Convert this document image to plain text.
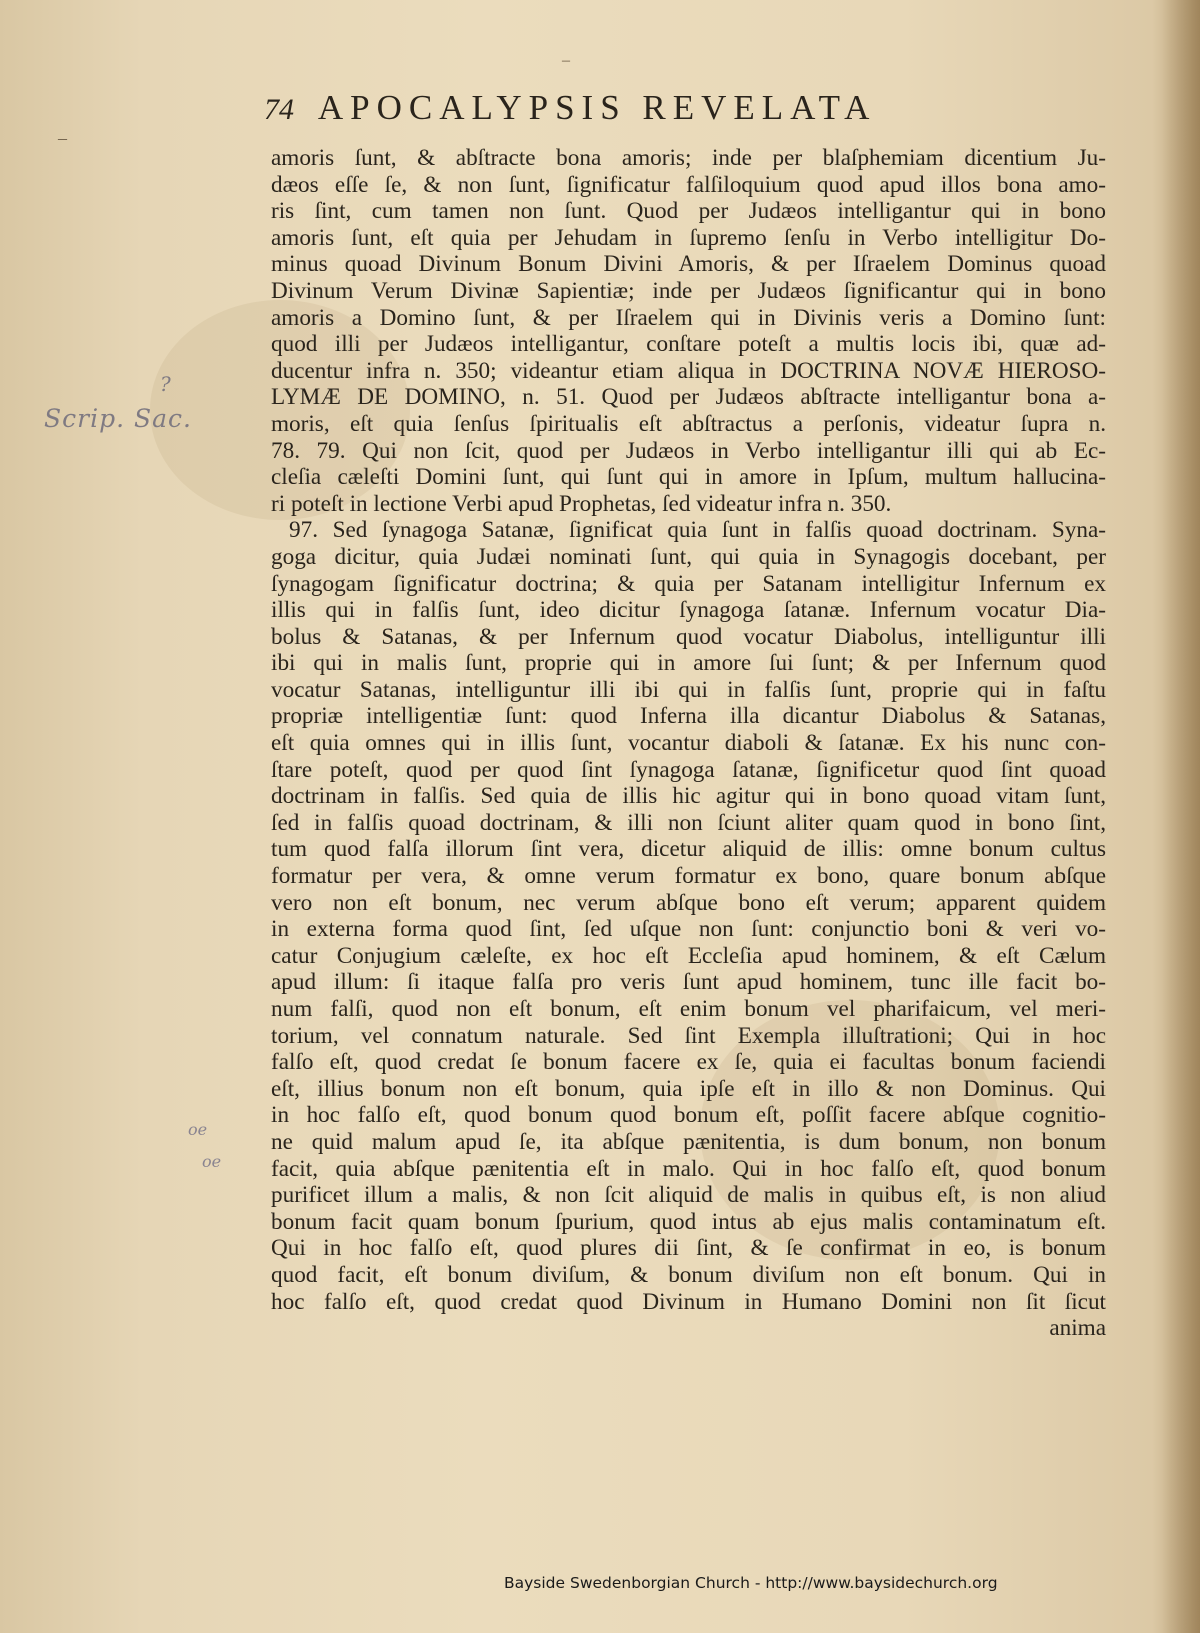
–
–
74 APOCALYPSIS REVELATA
amoris ſunt, & abſtracte bona amoris; inde per blaſphemiam dicentium Ju-
dæos eſſe ſe, & non ſunt, ſignificatur falſiloquium quod apud illos bona amo-
ris ſint, cum tamen non ſunt. Quod per Judæos intelligantur qui in bono
amoris ſunt, eſt quia per Jehudam in ſupremo ſenſu in Verbo intelligitur Do-
minus quoad Divinum Bonum Divini Amoris, & per Iſraelem Dominus quoad
Divinum Verum Divinæ Sapientiæ; inde per Judæos ſignificantur qui in bono
amoris a Domino ſunt, & per Iſraelem qui in Divinis veris a Domino ſunt:
quod illi per Judæos intelligantur, conſtare poteſt a multis locis ibi, quæ ad-
ducentur infra n. 350; videantur etiam aliqua in DOCTRINA NOVÆ HIEROSO-
LYMÆ DE DOMINO, n. 51. Quod per Judæos abſtracte intelligantur bona a-
moris, eſt quia ſenſus ſpiritualis eſt abſtractus a perſonis, videatur ſupra n.
78. 79. Qui non ſcit, quod per Judæos in Verbo intelligantur illi qui ab Ec-
cleſia cæleſti Domini ſunt, qui ſunt qui in amore in Ipſum, multum hallucina-
ri poteſt in lectione Verbi apud Prophetas, ſed videatur infra n. 350.
97. Sed ſynagoga Satanæ, ſignificat quia ſunt in falſis quoad doctrinam. Syna-
goga dicitur, quia Judæi nominati ſunt, qui quia in Synagogis docebant, per
ſynagogam ſignificatur doctrina; & quia per Satanam intelligitur Infernum ex
illis qui in falſis ſunt, ideo dicitur ſynagoga ſatanæ. Infernum vocatur Dia-
bolus & Satanas, & per Infernum quod vocatur Diabolus, intelliguntur illi
ibi qui in malis ſunt, proprie qui in amore ſui ſunt; & per Infernum quod
vocatur Satanas, intelliguntur illi ibi qui in falſis ſunt, proprie qui in faſtu
propriæ intelligentiæ ſunt: quod Inferna illa dicantur Diabolus & Satanas,
eſt quia omnes qui in illis ſunt, vocantur diaboli & ſatanæ. Ex his nunc con-
ſtare poteſt, quod per quod ſint ſynagoga ſatanæ, ſignificetur quod ſint quoad
doctrinam in falſis. Sed quia de illis hic agitur qui in bono quoad vitam ſunt,
ſed in falſis quoad doctrinam, & illi non ſciunt aliter quam quod in bono ſint,
tum quod falſa illorum ſint vera, dicetur aliquid de illis: omne bonum cultus
formatur per vera, & omne verum formatur ex bono, quare bonum abſque
vero non eſt bonum, nec verum abſque bono eſt verum; apparent quidem
in externa forma quod ſint, ſed uſque non ſunt: conjunctio boni & veri vo-
catur Conjugium cæleſte, ex hoc eſt Eccleſia apud hominem, & eſt Cælum
apud illum: ſi itaque falſa pro veris ſunt apud hominem, tunc ille facit bo-
num falſi, quod non eſt bonum, eſt enim bonum vel pharifaicum, vel meri-
torium, vel connatum naturale. Sed ſint Exempla illuſtrationi; Qui in hoc
falſo eſt, quod credat ſe bonum facere ex ſe, quia ei facultas bonum faciendi
eſt, illius bonum non eſt bonum, quia ipſe eſt in illo & non Dominus. Qui
in hoc falſo eſt, quod bonum quod bonum eſt, poſſit facere abſque cognitio-
ne quid malum apud ſe, ita abſque pænitentia, is dum bonum, non bonum
facit, quia abſque pænitentia eſt in malo. Qui in hoc falſo eſt, quod bonum
purificet illum a malis, & non ſcit aliquid de malis in quibus eſt, is non aliud
bonum facit quam bonum ſpurium, quod intus ab ejus malis contaminatum eſt.
Qui in hoc falſo eſt, quod plures dii ſint, & ſe confirmat in eo, is bonum
quod facit, eſt bonum diviſum, & bonum diviſum non eſt bonum. Qui in
hoc falſo eſt, quod credat quod Divinum in Humano Domini non ſit ſicut
anima
?
Scrip. Sac.
oe
oe
Bayside Swedenborgian Church - http://www.baysidechurch.org
